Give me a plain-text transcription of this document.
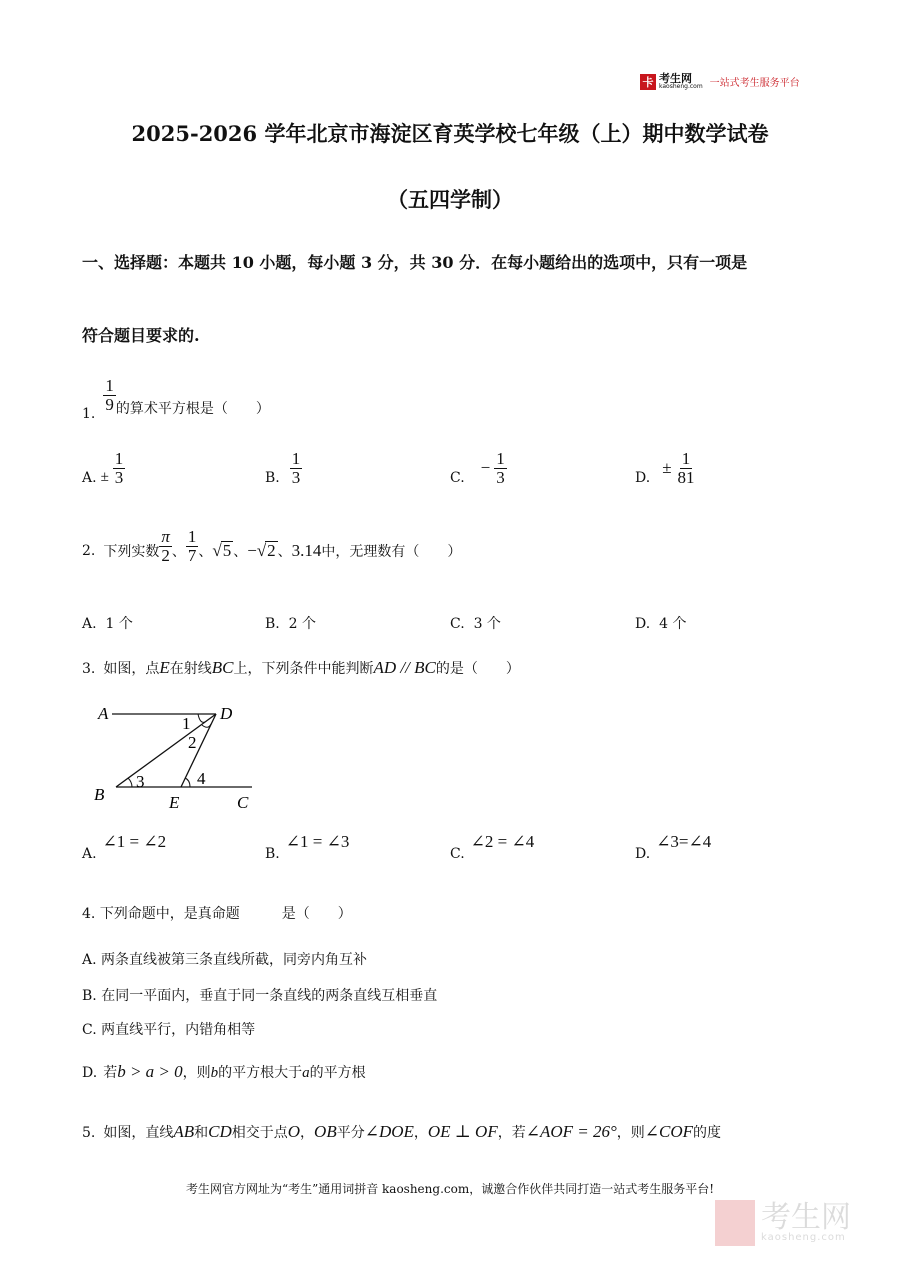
卡 考生网
kaosheng.com 一站式考生服务平台
2025-2026 学年北京市海淀区育英学校七年级（上）期中数学试卷
（五四学制）
一、选择题：本题共 10 小题，每小题 3 分，共 30 分．在每小题给出的选项中，只有一项是
符合题目要求的.
1.
$\frac{1}{9}$ 的算术平方根是（　　）
A. ± $\frac{1}{3}$	B. $\frac{1}{3}$	C.
− $\frac{1}{3}$	D.
± $\frac{1}{81}$
2. 下列实数 $\frac{\pi}{2}$ 、 $\frac{1}{7}$ 、 √5 、 −√2 、 3.14 中，无理数有（　　）
A. 1 个	B. 2 个	C. 3 个	D. 4 个
3. 如图，点 E 在射线 BC 上，下列条件中能判断 AD // BC 的是（　　）
A	D
B	E	C
1
2
3	4
A.
∠1 = ∠2
B.
∠1 = ∠3
C.
∠2 = ∠4
D.
∠3=∠4
4. 下列命题中，是真命题　　　是（　　）
A. 两条直线被第三条直线所截，同旁内角互补
B. 在同一平面内，垂直于同一条直线的两条直线互相垂直
C. 两直线平行，内错角相等
D. 若 b > a > 0 ，则 b 的平方根大于 a 的平方根
5. 如图，直线 AB 和 CD 相交于点 O ， OB 平分 ∠DOE ， OE ⊥ OF ，若 ∠AOF = 26° ，则 ∠COF 的度
考生网官方网址为“考生”通用词拼音 kaosheng.com，诚邀合作伙伴共同打造一站式考生服务平台!
考生网
kaosheng.com
